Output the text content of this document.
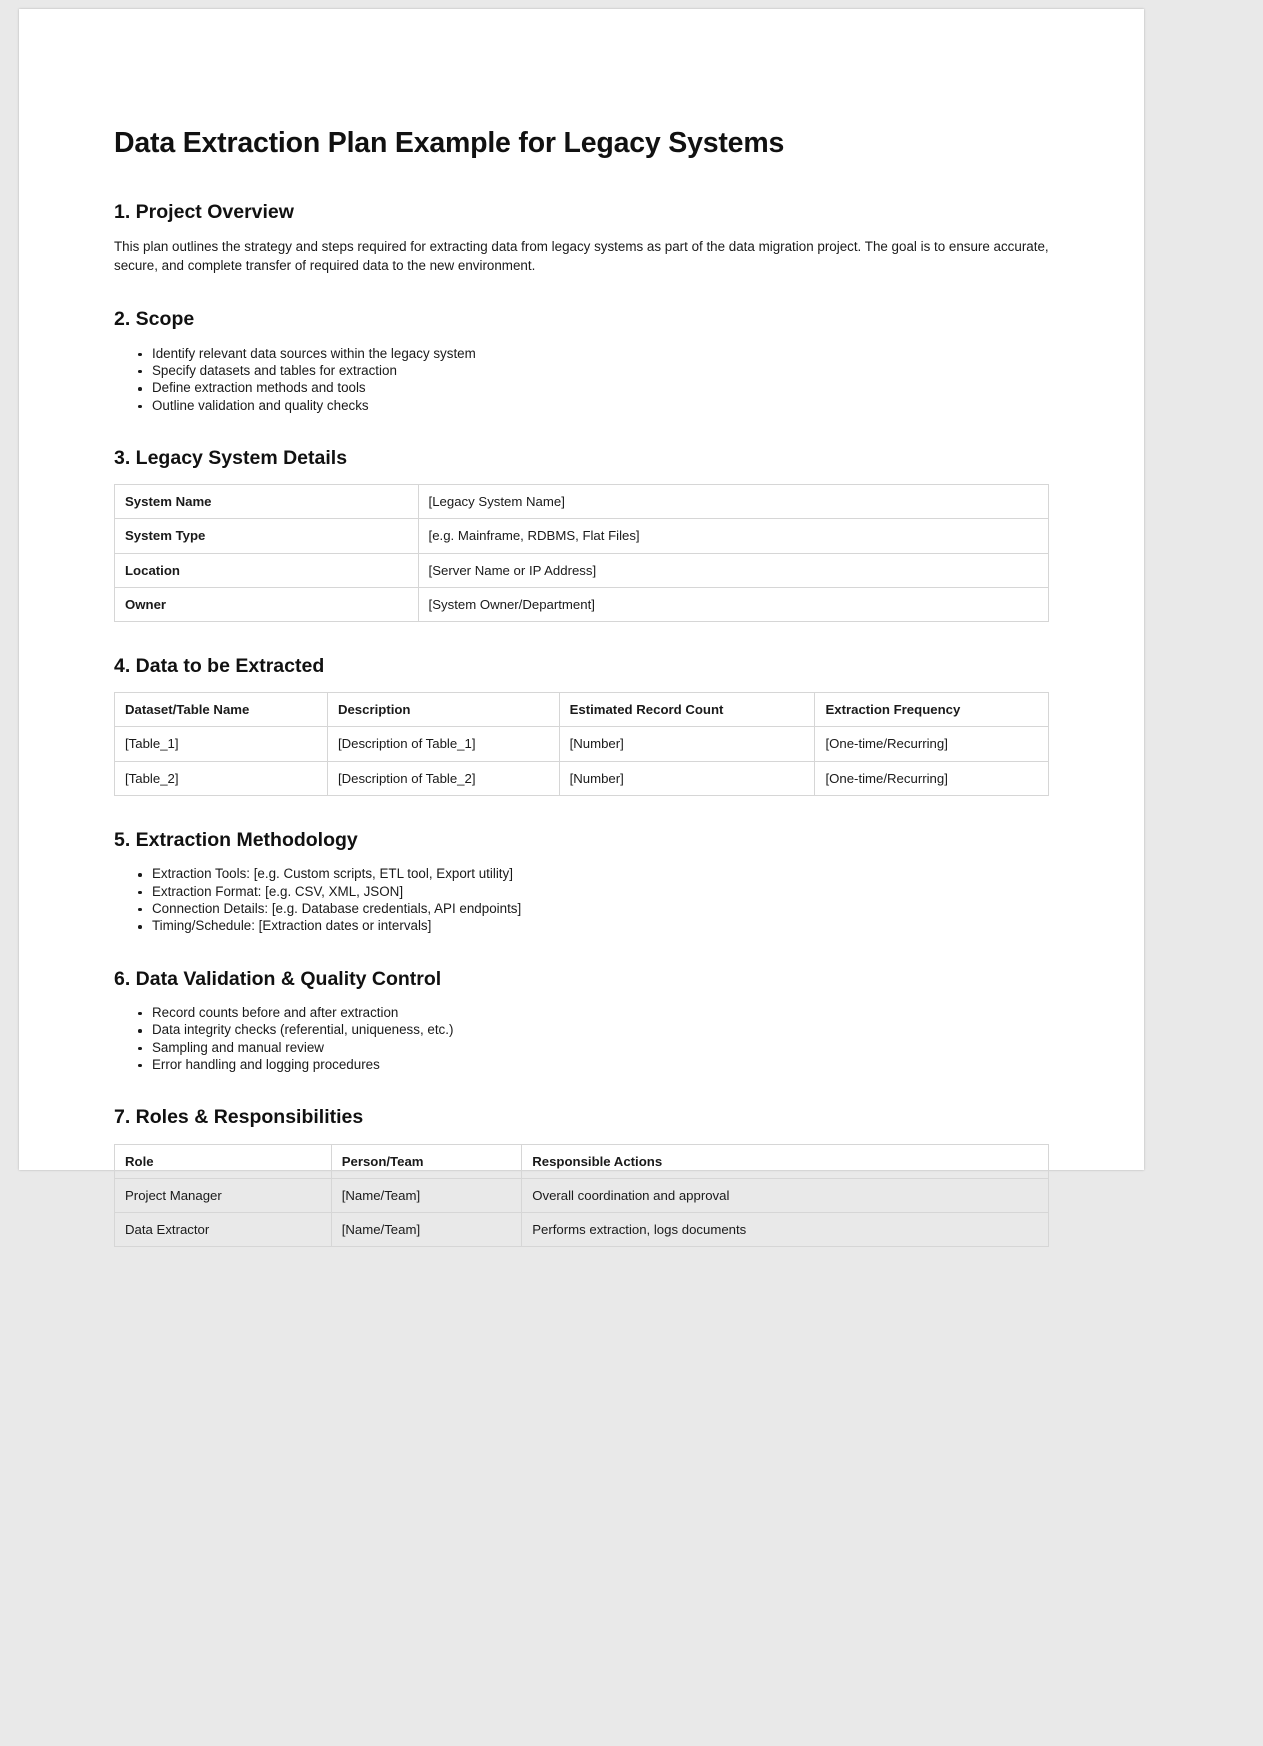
Data Extraction Plan Example for Legacy Systems
1. Project Overview

This plan outlines the strategy and steps required for extracting data from legacy systems as part of the data migration project. The goal is to ensure accurate, secure, and complete transfer of required data to the new environment.

2. Scope
Identify relevant data sources within the legacy system
Specify datasets and tables for extraction
Define extraction methods and tools
Outline validation and quality checks
3. Legacy System Details
System Name	[Legacy System Name]
System Type	[e.g. Mainframe, RDBMS, Flat Files]
Location	[Server Name or IP Address]
Owner	[System Owner/Department]
4. Data to be Extracted
Dataset/Table Name	Description	Estimated Record Count	Extraction Frequency
[Table_1]	[Description of Table_1]	[Number]	[One-time/Recurring]
[Table_2]	[Description of Table_2]	[Number]	[One-time/Recurring]
5. Extraction Methodology
Extraction Tools: [e.g. Custom scripts, ETL tool, Export utility]
Extraction Format: [e.g. CSV, XML, JSON]
Connection Details: [e.g. Database credentials, API endpoints]
Timing/Schedule: [Extraction dates or intervals]
6. Data Validation & Quality Control
Record counts before and after extraction
Data integrity checks (referential, uniqueness, etc.)
Sampling and manual review
Error handling and logging procedures
7. Roles & Responsibilities
Role	Person/Team	Responsible Actions
Project Manager	[Name/Team]	Overall coordination and approval
Data Extractor	[Name/Team]	Performs extraction, logs documents
